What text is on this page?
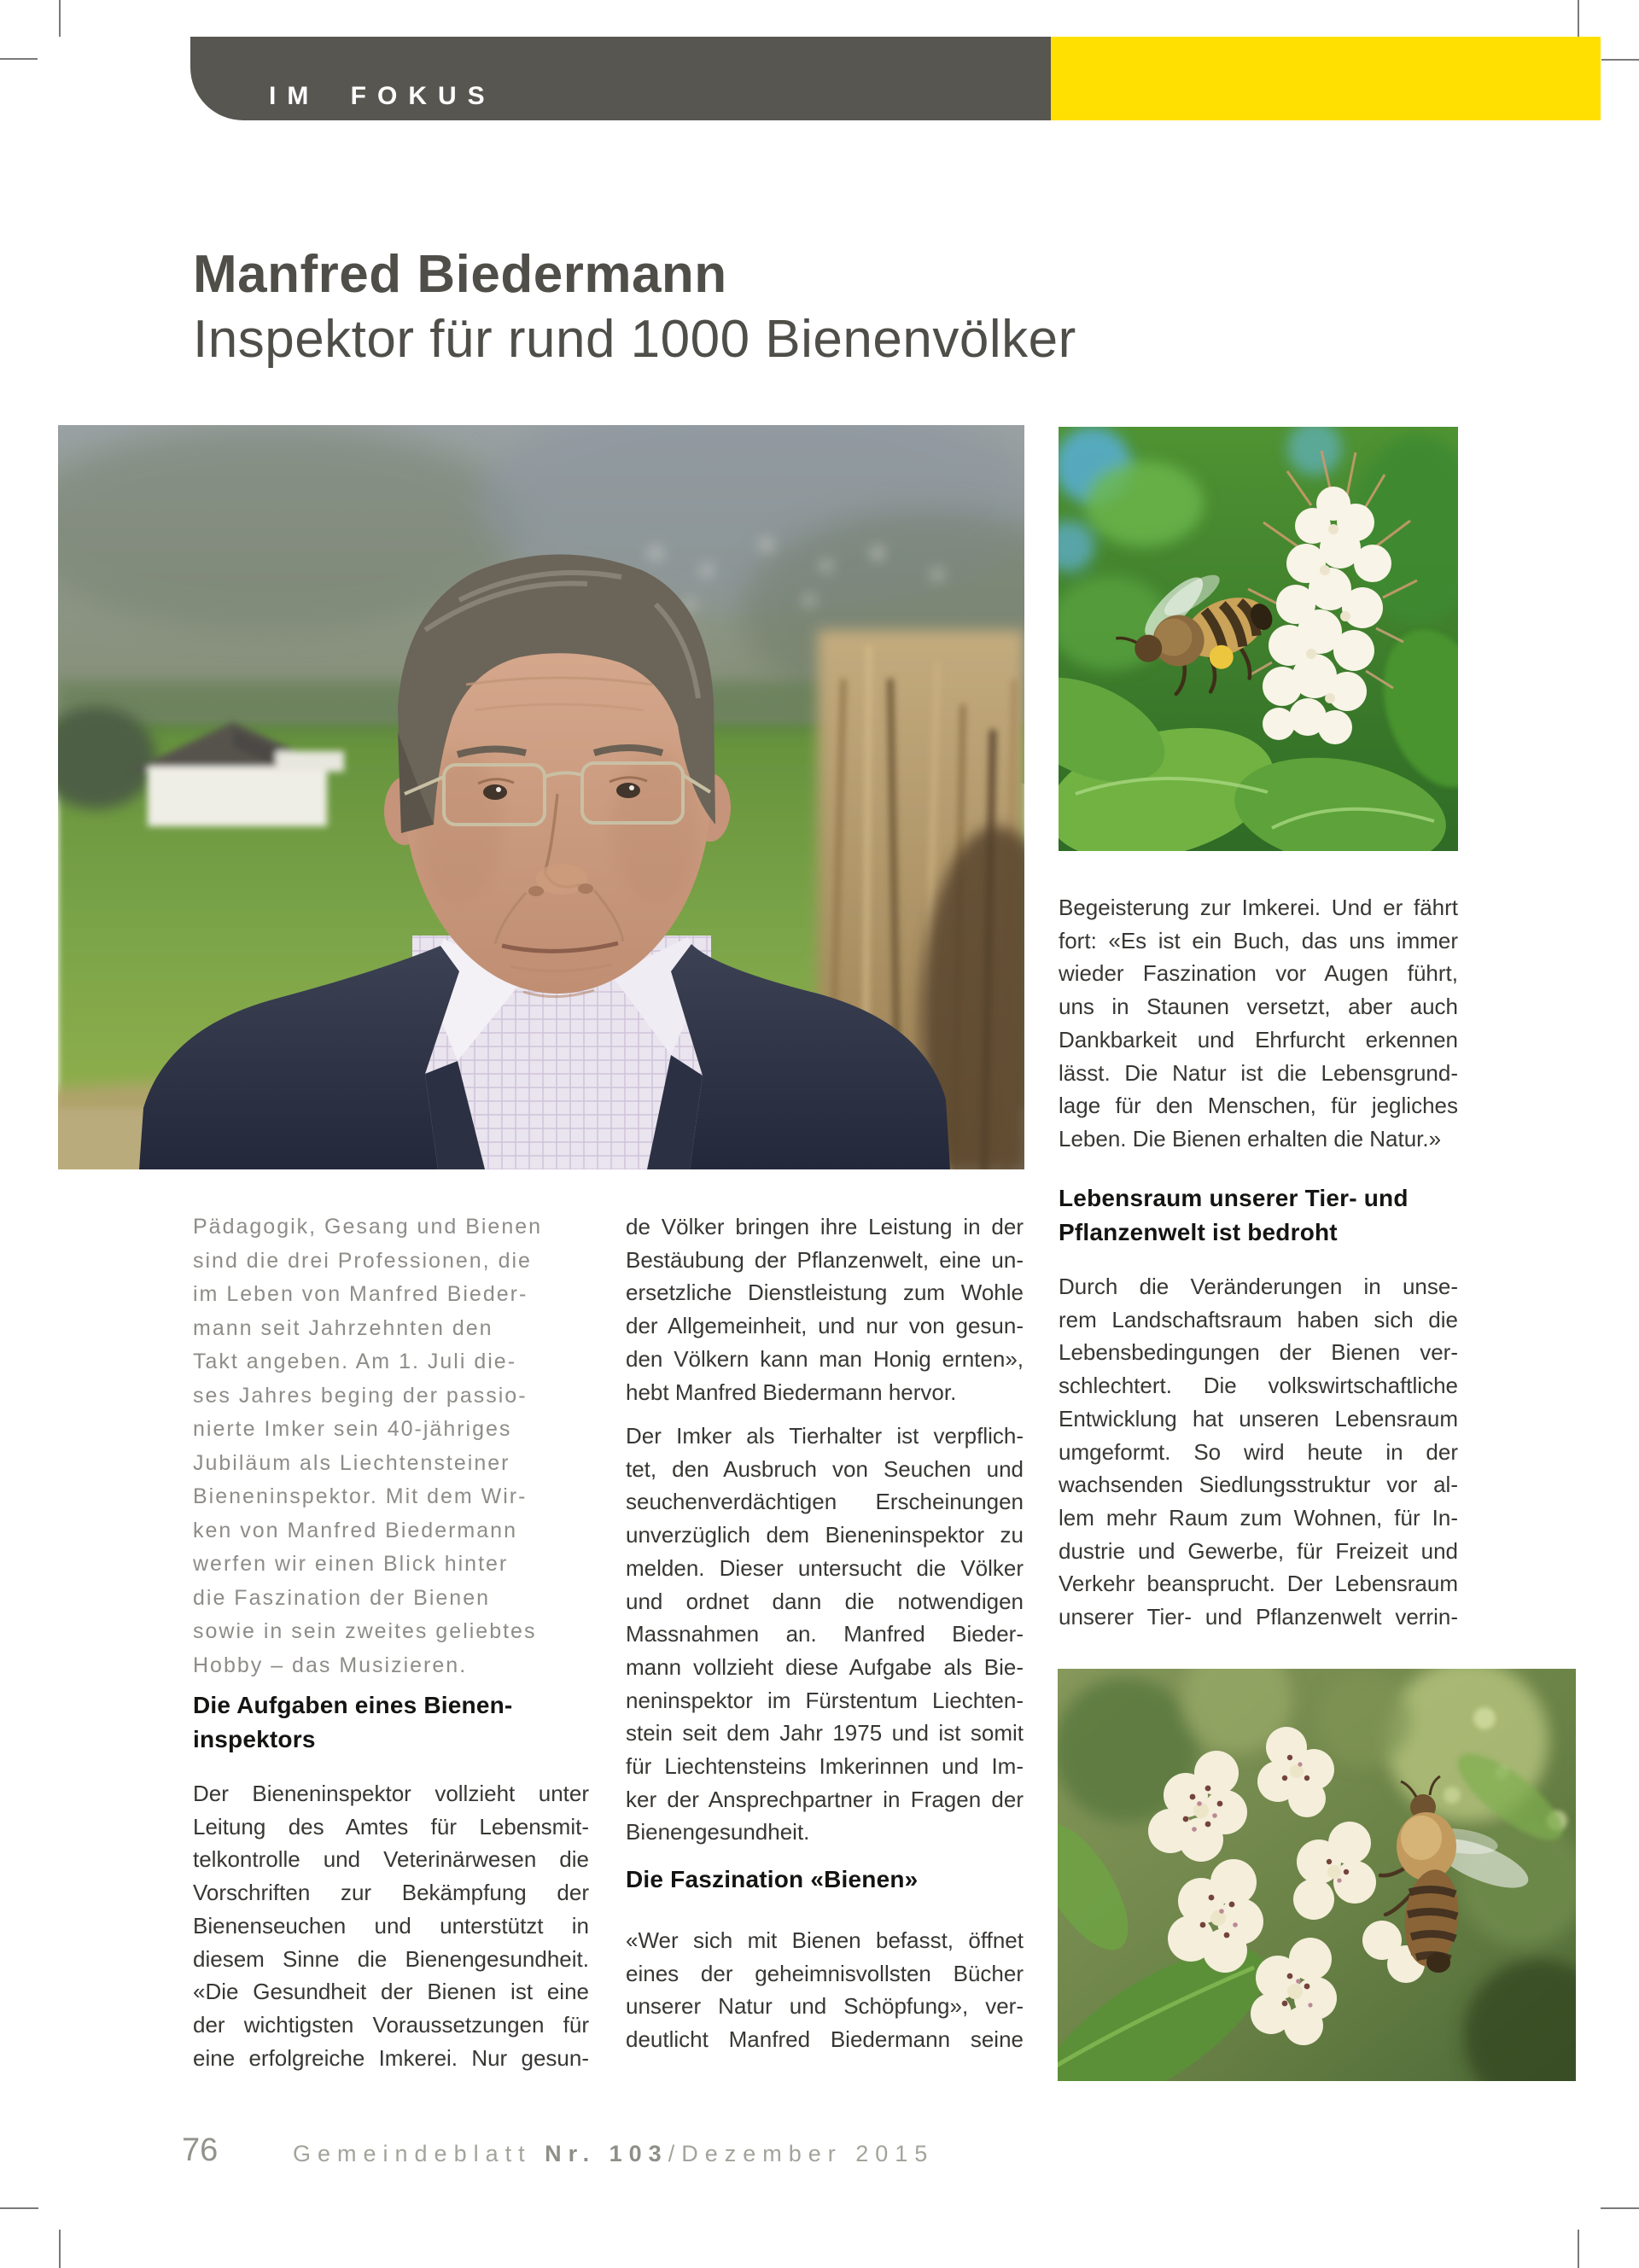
IM FOKUS
Manfred Biedermann
Inspektor für rund 1000 Bienenvölker
Pädagogik, Gesang und Bienen
sind die drei Professionen, die
im Leben von Manfred Bieder-
mann seit Jahrzehnten den
Takt angeben. Am 1. Juli die-
ses Jahres beging der passio-
nierte Imker sein 40-jähriges
Jubiläum als Liechtensteiner
Bieneninspektor. Mit dem Wir-
ken von Manfred Biedermann
werfen wir einen Blick hinter
die Faszination der Bienen
sowie in sein zweites geliebtes
Hobby – das Musizieren.
Die Aufgaben eines Bienen-
inspektors
Der Bieneninspektor vollzieht unter
Leitung des Amtes für Lebensmit-
telkontrolle und Veterinärwesen die
Vorschriften zur Bekämpfung der
Bienenseuchen und unterstützt in
diesem Sinne die Bienengesundheit.
«Die Gesundheit der Bienen ist eine
der wichtigsten Voraussetzungen für
eine erfolgreiche Imkerei. Nur gesun-
de Völker bringen ihre Leistung in der
Bestäubung der Pflanzenwelt, eine un-
ersetzliche Dienstleistung zum Wohle
der Allgemeinheit, und nur von gesun-
den Völkern kann man Honig ernten»,
hebt Manfred Biedermann hervor.
Der Imker als Tierhalter ist verpflich-
tet, den Ausbruch von Seuchen und
seuchenverdächtigen Erscheinungen
unverzüglich dem Bieneninspektor zu
melden. Dieser untersucht die Völker
und ordnet dann die notwendigen
Massnahmen an. Manfred Bieder-
mann vollzieht diese Aufgabe als Bie-
neninspektor im Fürstentum Liechten-
stein seit dem Jahr 1975 und ist somit
für Liechtensteins Imkerinnen und Im-
ker der Ansprechpartner in Fragen der
Bienengesundheit.
Die Faszination «Bienen»
«Wer sich mit Bienen befasst, öffnet
eines der geheimnisvollsten Bücher
unserer Natur und Schöpfung», ver-
deutlicht Manfred Biedermann seine
Begeisterung zur Imkerei. Und er fährt
fort: «Es ist ein Buch, das uns immer
wieder Faszination vor Augen führt,
uns in Staunen versetzt, aber auch
Dankbarkeit und Ehrfurcht erkennen
lässt. Die Natur ist die Lebensgrund-
lage für den Menschen, für jegliches
Leben. Die Bienen erhalten die Natur.»
Lebensraum unserer Tier- und
Pflanzenwelt ist bedroht
Durch die Veränderungen in unse-
rem Landschaftsraum haben sich die
Lebensbedingungen der Bienen ver-
schlechtert. Die volkswirtschaftliche
Entwicklung hat unseren Lebensraum
umgeformt. So wird heute in der
wachsenden Siedlungsstruktur vor al-
lem mehr Raum zum Wohnen, für In-
dustrie und Gewerbe, für Freizeit und
Verkehr beansprucht. Der Lebensraum
unserer Tier- und Pflanzenwelt verrin-
76	Gemeindeblatt Nr. 103/Dezember 2015
